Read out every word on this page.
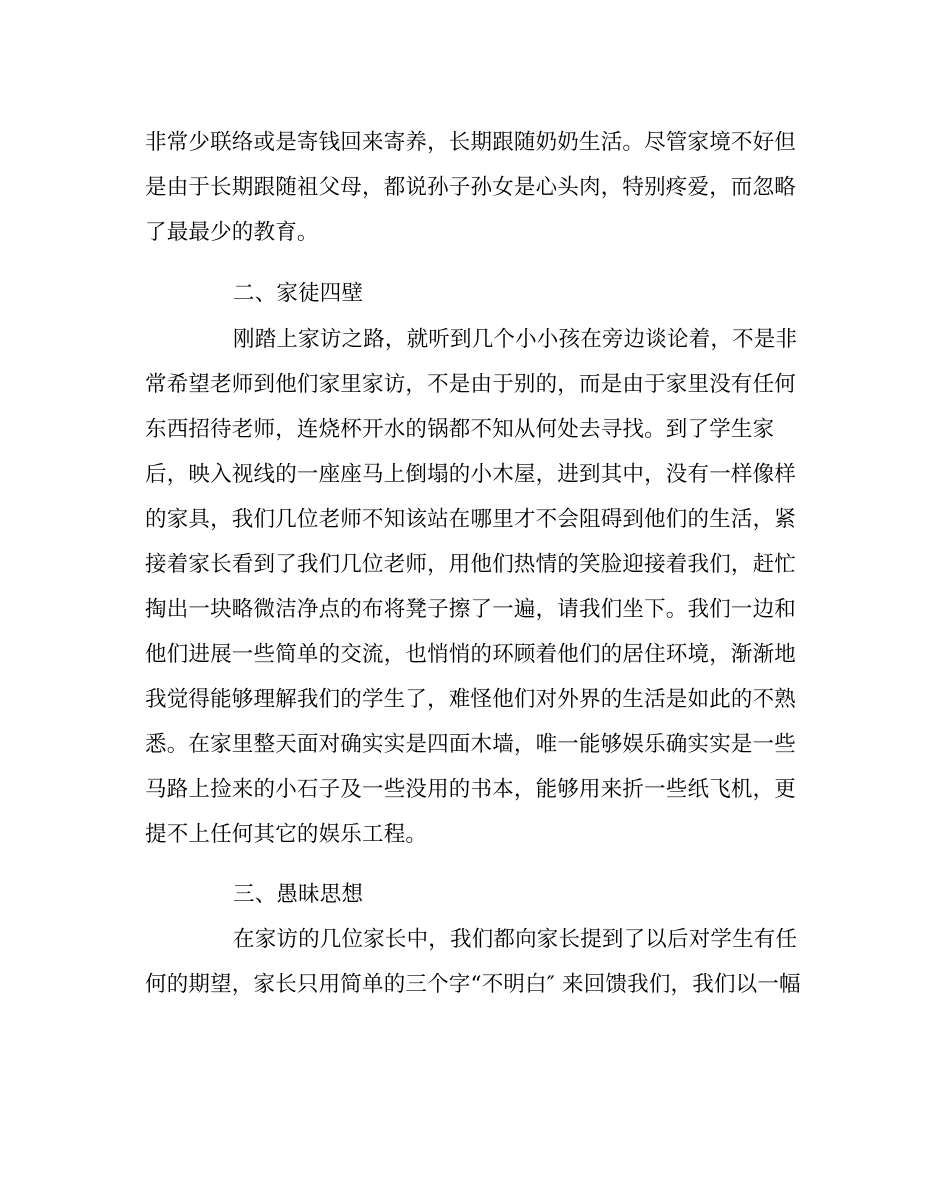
非常少联络或是寄钱回来寄养，长期跟随奶奶生活。尽管家境不好但
是由于长期跟随祖父母，都说孙子孙女是心头肉，特别疼爱，而忽略
了最最少的教育。
二、家徒四壁
刚踏上家访之路，就听到几个小小孩在旁边谈论着，不是非
常希望老师到他们家里家访，不是由于别的，而是由于家里没有任何
东西招待老师，连烧杯开水的锅都不知从何处去寻找。到了学生家
后，映入视线的一座座马上倒塌的小木屋，进到其中，没有一样像样
的家具，我们几位老师不知该站在哪里才不会阻碍到他们的生活，紧
接着家长看到了我们几位老师，用他们热情的笑脸迎接着我们，赶忙
掏出一块略微洁净点的布将凳子擦了一遍，请我们坐下。我们一边和
他们进展一些简单的交流，也悄悄的环顾着他们的居住环境，渐渐地
我觉得能够理解我们的学生了，难怪他们对外界的生活是如此的不熟
悉。在家里整天面对确实实是四面木墙，唯一能够娱乐确实实是一些
马路上捡来的小石子及一些没用的书本，能够用来折一些纸飞机，更
提不上任何其它的娱乐工程。
三、愚昧思想
在家访的几位家长中，我们都向家长提到了以后对学生有任
何的期望，家长只用简单的三个字“不明白″ 来回馈我们，我们以一幅
